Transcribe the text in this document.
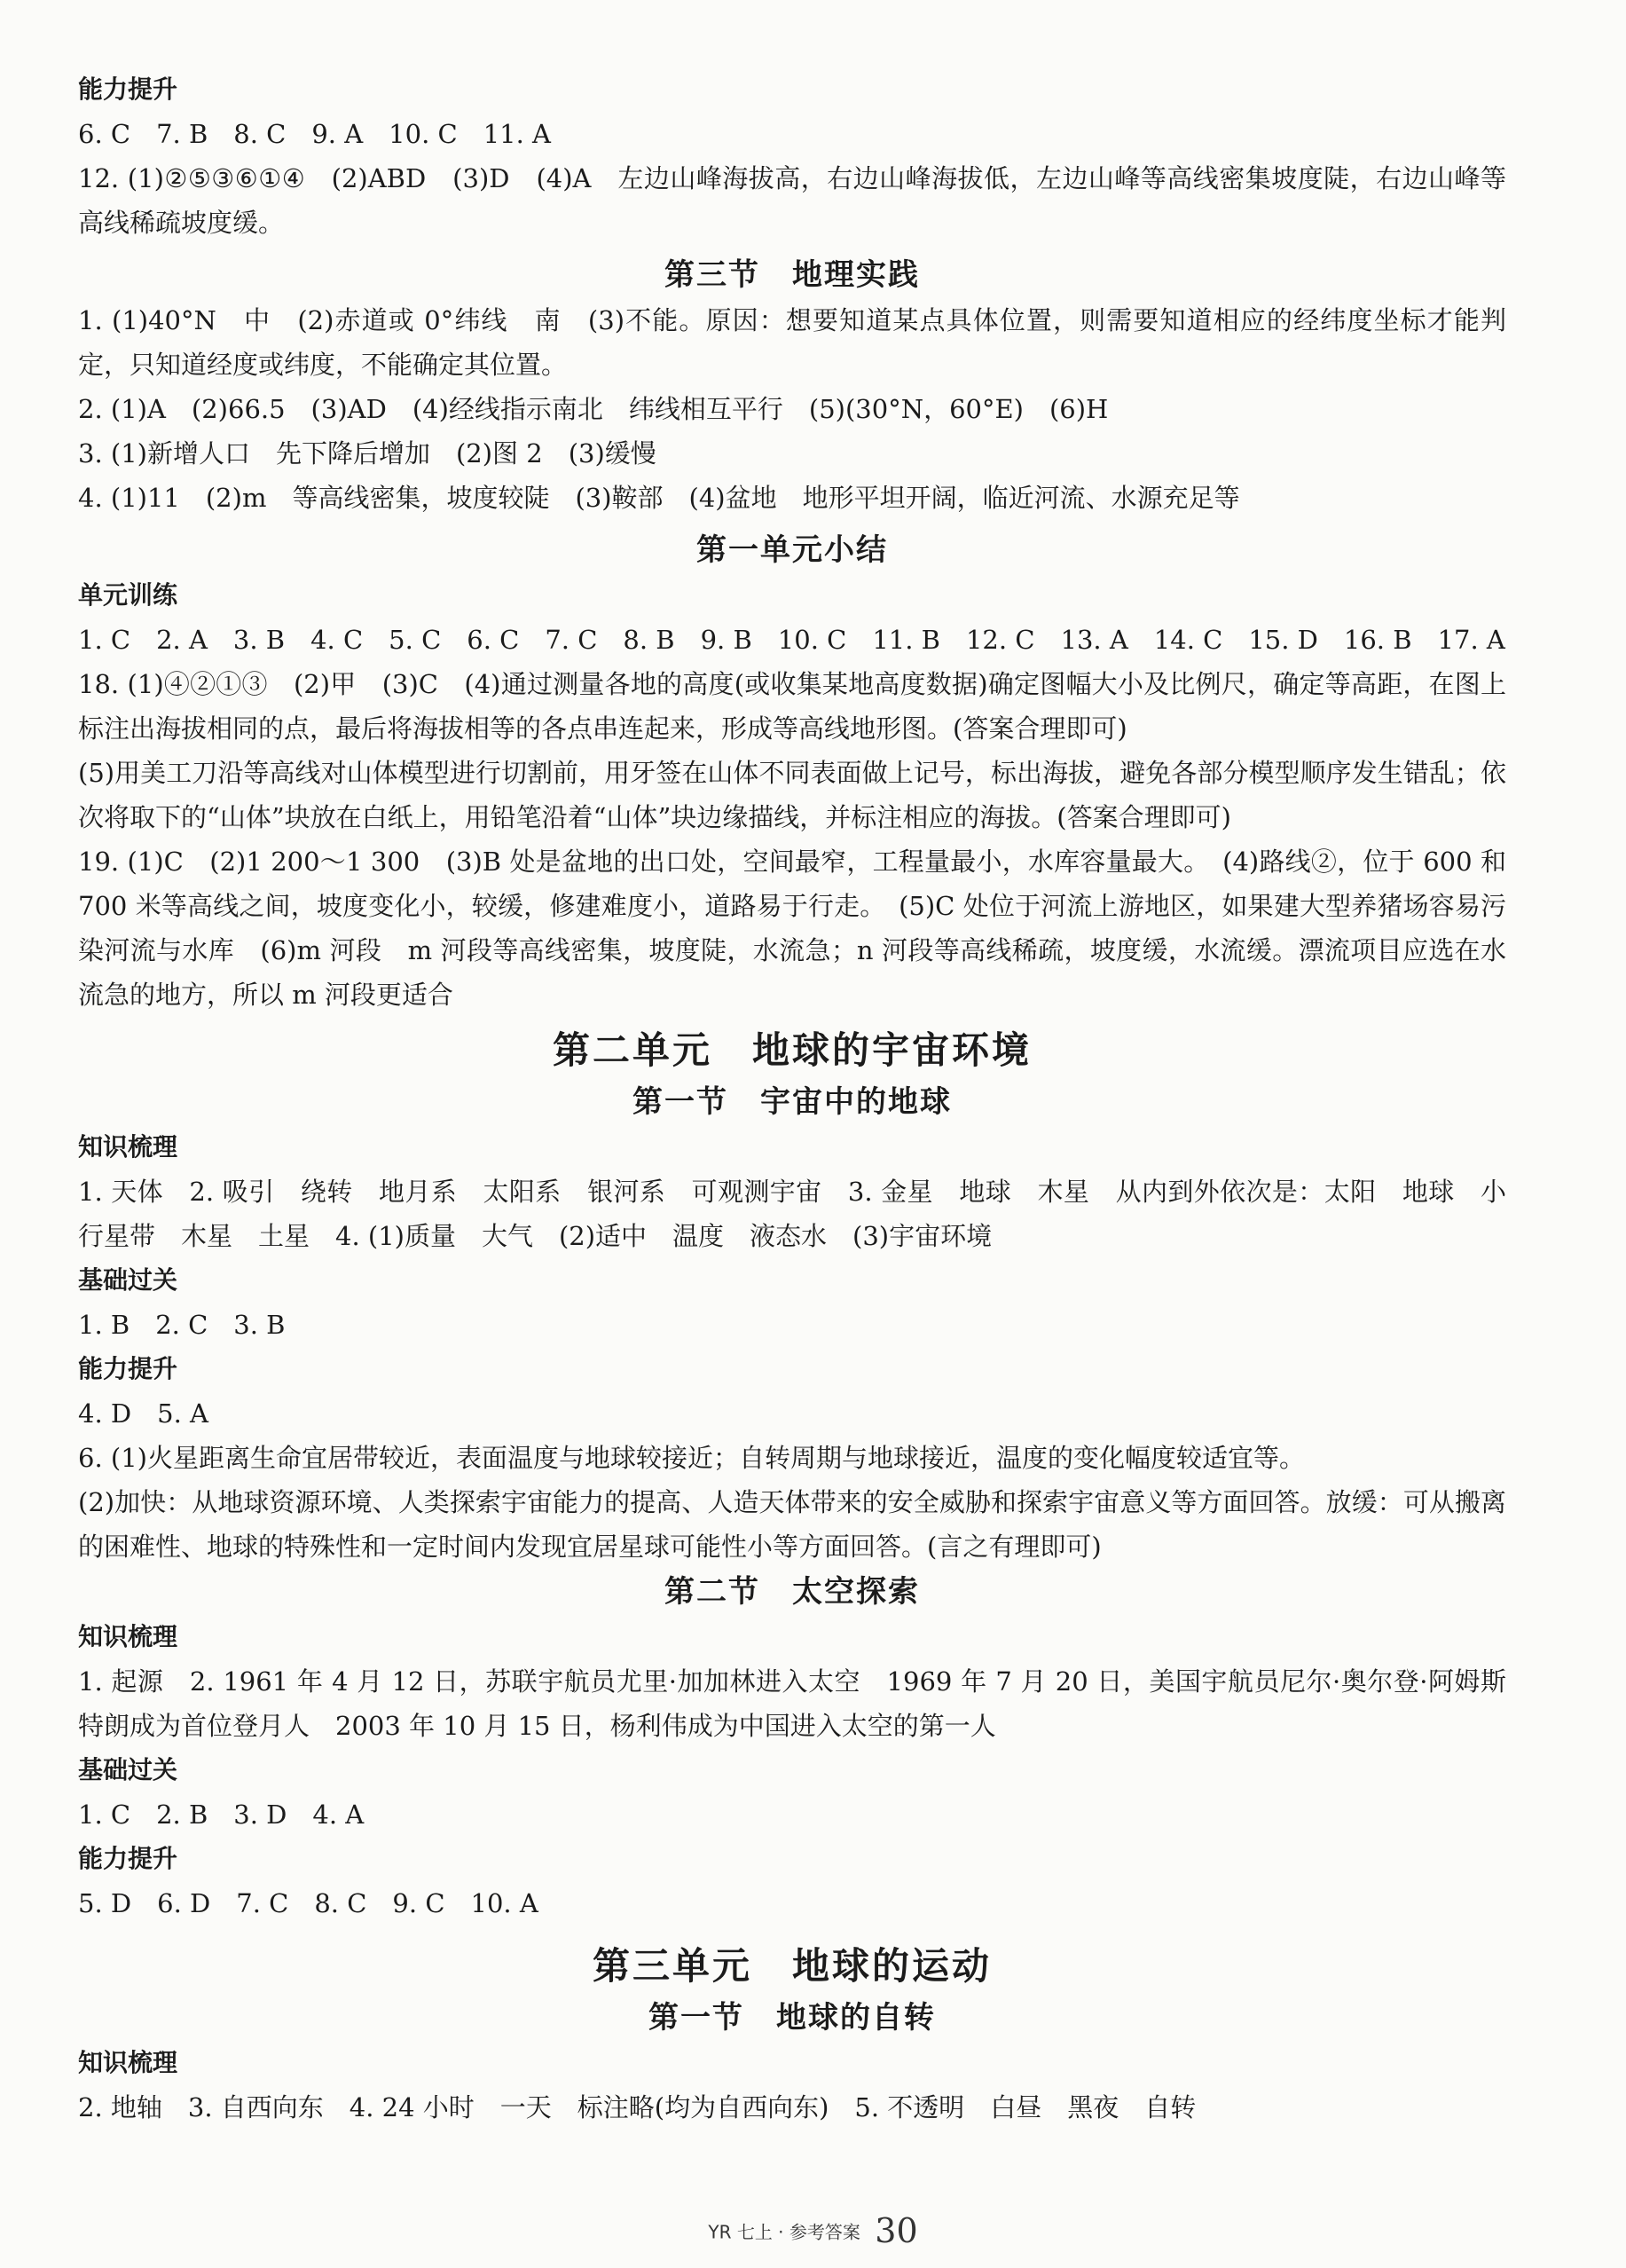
能力提升
6. C　7. B　8. C　9. A　10. C　11. A
12. (1)②⑤③⑥①④　(2)ABD　(3)D　(4)A　左边山峰海拔高，右边山峰海拔低，左边山峰等高线密集坡度陡，右边山峰等高线稀疏坡度缓。
第三节　地理实践
1. (1)40°N　中　(2)赤道或 0°纬线　南　(3)不能。原因：想要知道某点具体位置，则需要知道相应的经纬度坐标才能判定，只知道经度或纬度，不能确定其位置。
2. (1)A　(2)66.5　(3)AD　(4)经线指示南北　纬线相互平行　(5)(30°N，60°E)　(6)H
3. (1)新增人口　先下降后增加　(2)图 2　(3)缓慢
4. (1)11　(2)m　等高线密集，坡度较陡　(3)鞍部　(4)盆地　地形平坦开阔，临近河流、水源充足等
第一单元小结
单元训练
1. C　2. A　3. B　4. C　5. C　6. C　7. C　8. B　9. B　10. C　11. B　12. C　13. A　14. C　15. D　16. B　17. A
18. (1)④②①③　(2)甲　(3)C　(4)通过测量各地的高度(或收集某地高度数据)确定图幅大小及比例尺，确定等高距，在图上标注出海拔相同的点，最后将海拔相等的各点串连起来，形成等高线地形图。(答案合理即可)
(5)用美工刀沿等高线对山体模型进行切割前，用牙签在山体不同表面做上记号，标出海拔，避免各部分模型顺序发生错乱；依次将取下的“山体”块放在白纸上，用铅笔沿着“山体”块边缘描线，并标注相应的海拔。(答案合理即可)
19. (1)C　(2)1 200～1 300　(3)B 处是盆地的出口处，空间最窄，工程量最小，水库容量最大。　(4)路线②，位于 600 和 700 米等高线之间，坡度变化小，较缓，修建难度小，道路易于行走。　(5)C 处位于河流上游地区，如果建大型养猪场容易污染河流与水库　(6)m 河段　m 河段等高线密集，坡度陡，水流急；n 河段等高线稀疏，坡度缓，水流缓。漂流项目应选在水流急的地方，所以 m 河段更适合
第二单元　地球的宇宙环境
第一节　宇宙中的地球
知识梳理
1. 天体　2. 吸引　绕转　地月系　太阳系　银河系　可观测宇宙　3. 金星　地球　木星　从内到外依次是：太阳　地球　小行星带　木星　土星　4. (1)质量　大气　(2)适中　温度　液态水　(3)宇宙环境
基础过关
1. B　2. C　3. B
能力提升
4. D　5. A
6. (1)火星距离生命宜居带较近，表面温度与地球较接近；自转周期与地球接近，温度的变化幅度较适宜等。
(2)加快：从地球资源环境、人类探索宇宙能力的提高、人造天体带来的安全威胁和探索宇宙意义等方面回答。放缓：可从搬离的困难性、地球的特殊性和一定时间内发现宜居星球可能性小等方面回答。(言之有理即可)
第二节　太空探索
知识梳理
1. 起源　2. 1961 年 4 月 12 日，苏联宇航员尤里·加加林进入太空　1969 年 7 月 20 日，美国宇航员尼尔·奥尔登·阿姆斯特朗成为首位登月人　2003 年 10 月 15 日，杨利伟成为中国进入太空的第一人
基础过关
1. C　2. B　3. D　4. A
能力提升
5. D　6. D　7. C　8. C　9. C　10. A
第三单元　地球的运动
第一节　地球的自转
知识梳理
2. 地轴　3. 自西向东　4. 24 小时　一天　标注略(均为自西向东)　5. 不透明　白昼　黑夜　自转
YR 七上 · 参考答案 30
